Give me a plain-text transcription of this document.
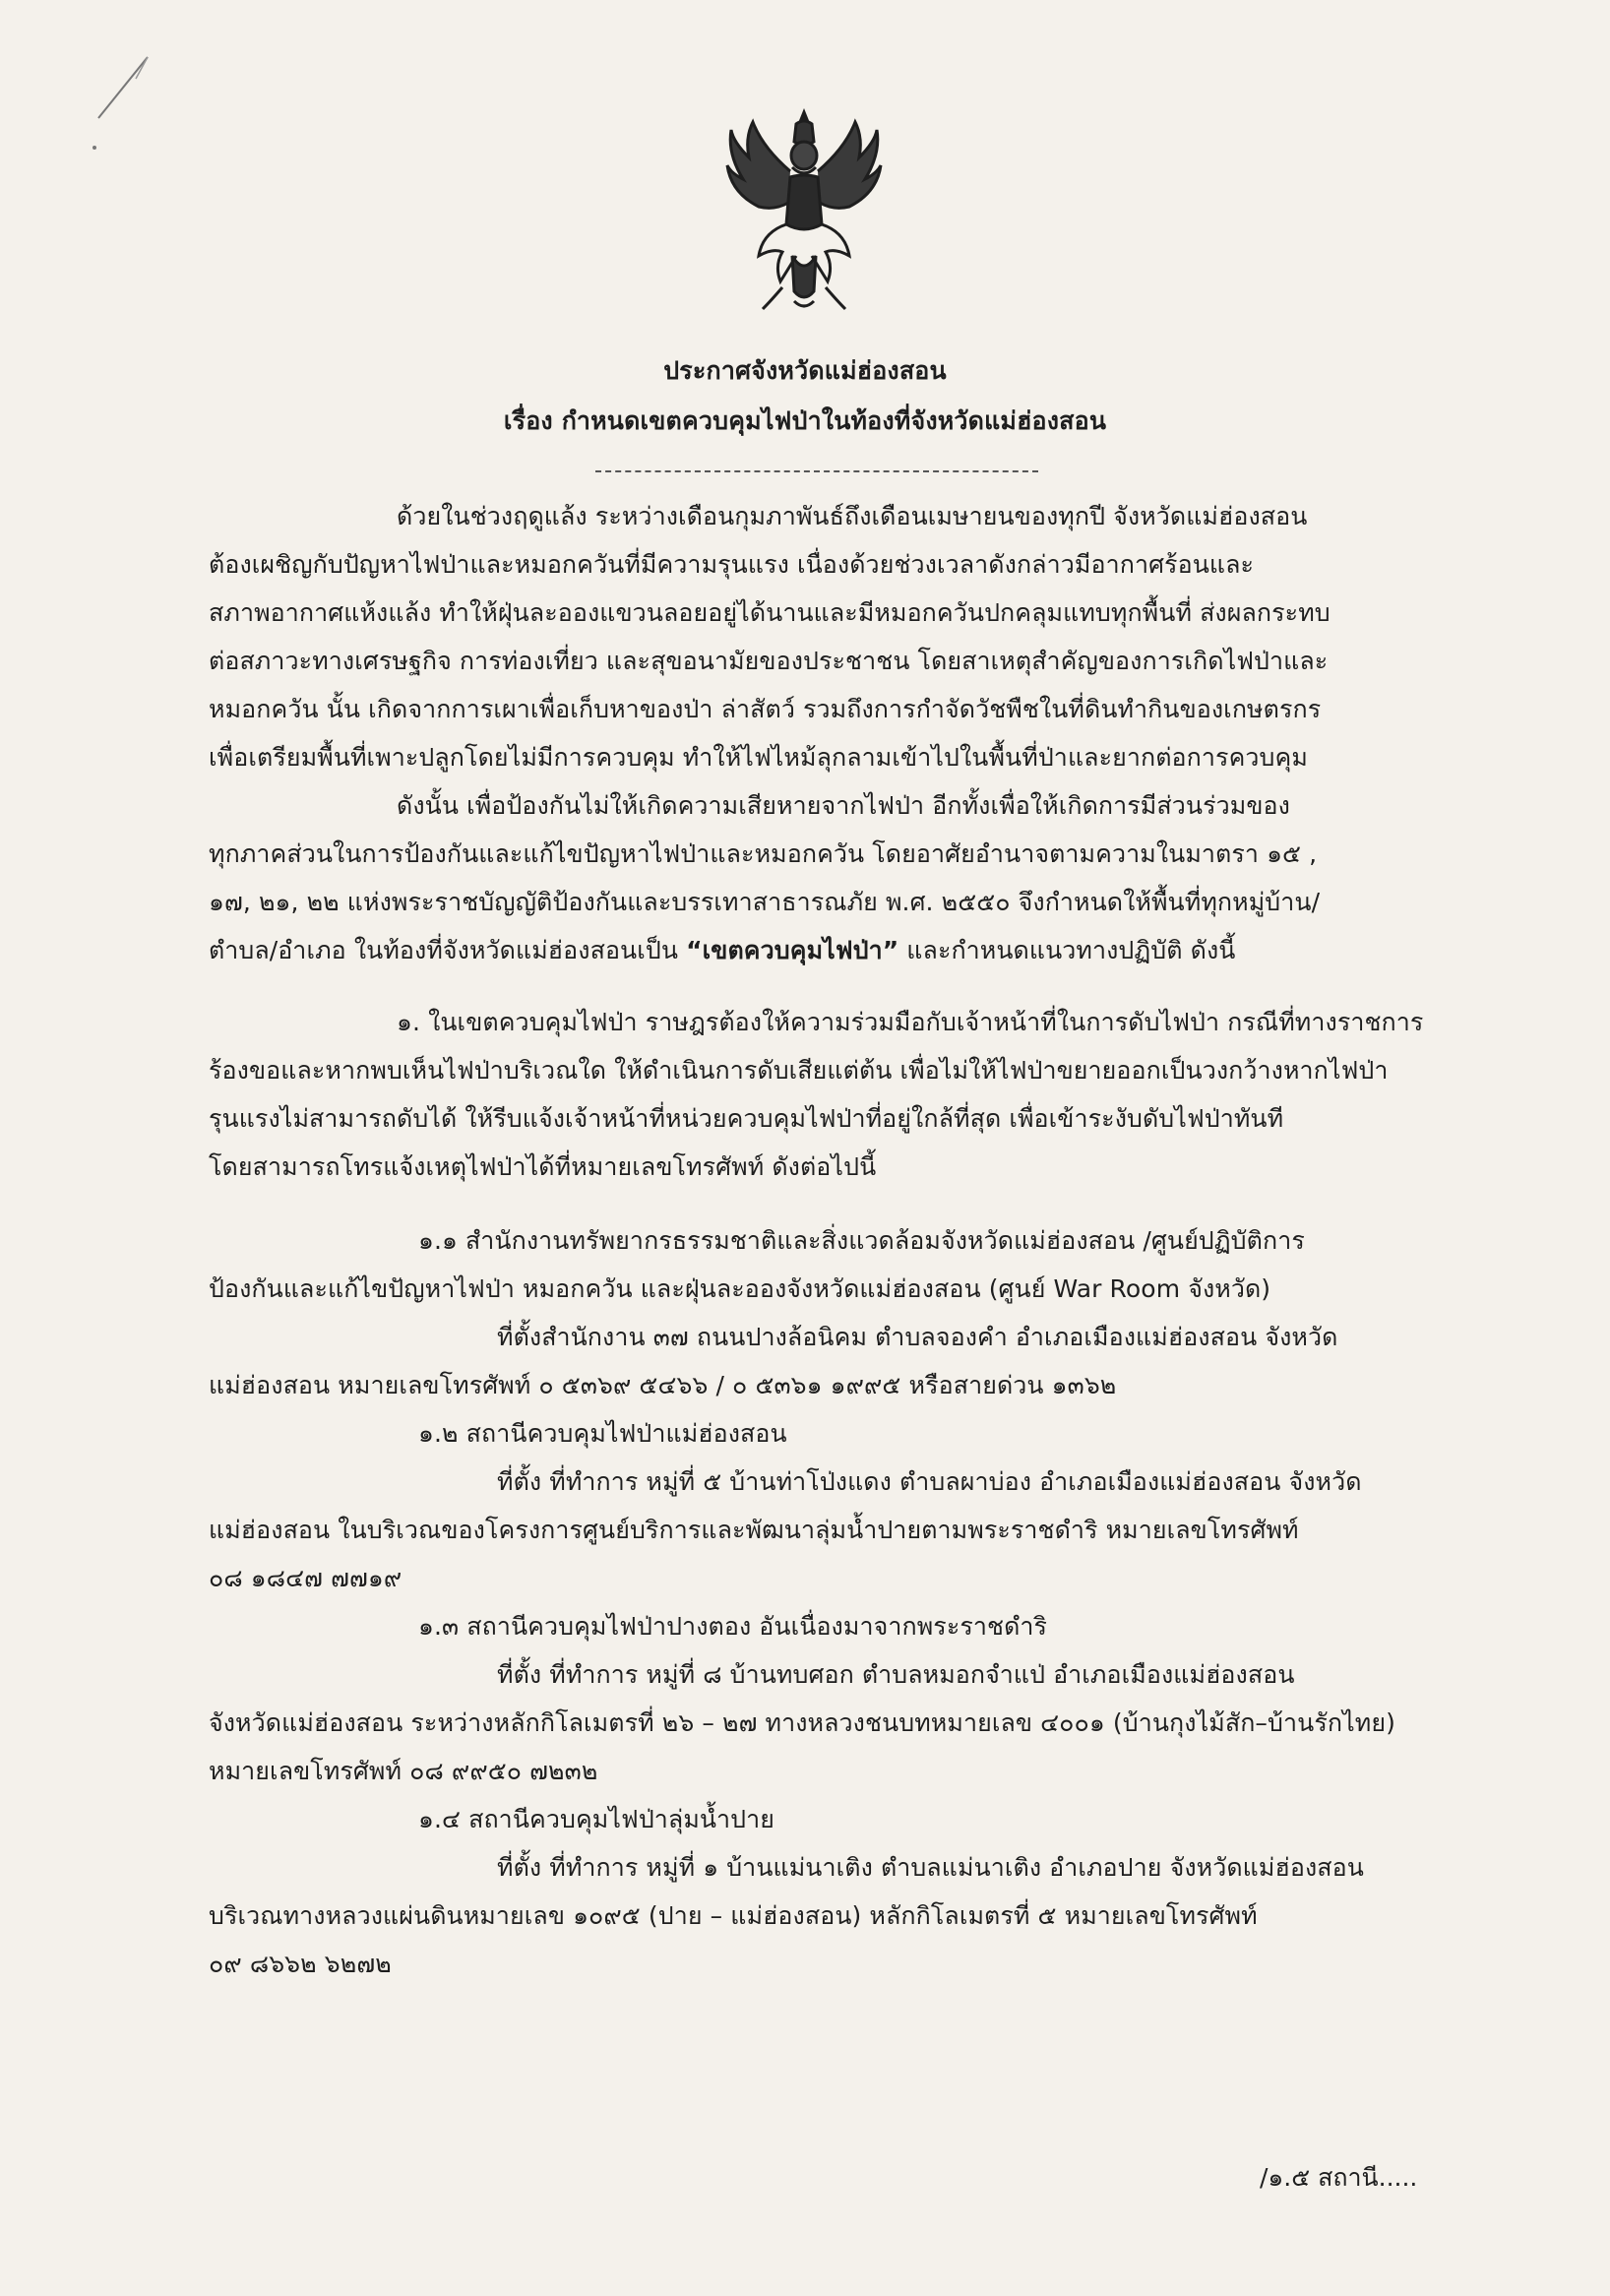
ประกาศจังหวัดแม่ฮ่องสอน
เรื่อง กำหนดเขตควบคุมไฟป่าในท้องที่จังหวัดแม่ฮ่องสอน
ด้วยในช่วงฤดูแล้ง ระหว่างเดือนกุมภาพันธ์ถึงเดือนเมษายนของทุกปี จังหวัดแม่ฮ่องสอน
ต้องเผชิญกับปัญหาไฟป่าและหมอกควันที่มีความรุนแรง เนื่องด้วยช่วงเวลาดังกล่าวมีอากาศร้อนและ
สภาพอากาศแห้งแล้ง ทำให้ฝุ่นละอองแขวนลอยอยู่ได้นานและมีหมอกควันปกคลุมแทบทุกพื้นที่ ส่งผลกระทบ
ต่อสภาวะทางเศรษฐกิจ การท่องเที่ยว และสุขอนามัยของประชาชน โดยสาเหตุสำคัญของการเกิดไฟป่าและ
หมอกควัน นั้น เกิดจากการเผาเพื่อเก็บหาของป่า ล่าสัตว์ รวมถึงการกำจัดวัชพืชในที่ดินทำกินของเกษตรกร
เพื่อเตรียมพื้นที่เพาะปลูกโดยไม่มีการควบคุม ทำให้ไฟไหม้ลุกลามเข้าไปในพื้นที่ป่าและยากต่อการควบคุม
ดังนั้น เพื่อป้องกันไม่ให้เกิดความเสียหายจากไฟป่า อีกทั้งเพื่อให้เกิดการมีส่วนร่วมของ
ทุกภาคส่วนในการป้องกันและแก้ไขปัญหาไฟป่าและหมอกควัน โดยอาศัยอำนาจตามความในมาตรา ๑๕ ,
๑๗, ๒๑, ๒๒ แห่งพระราชบัญญัติป้องกันและบรรเทาสาธารณภัย พ.ศ. ๒๕๕๐ จึงกำหนดให้พื้นที่ทุกหมู่บ้าน/
ตำบล/อำเภอ ในท้องที่จังหวัดแม่ฮ่องสอนเป็น “เขตควบคุมไฟป่า” และกำหนดแนวทางปฏิบัติ ดังนี้
๑. ในเขตควบคุมไฟป่า ราษฎรต้องให้ความร่วมมือกับเจ้าหน้าที่ในการดับไฟป่า กรณีที่ทางราชการ
ร้องขอและหากพบเห็นไฟป่าบริเวณใด ให้ดำเนินการดับเสียแต่ต้น เพื่อไม่ให้ไฟป่าขยายออกเป็นวงกว้างหากไฟป่า
รุนแรงไม่สามารถดับได้ ให้รีบแจ้งเจ้าหน้าที่หน่วยควบคุมไฟป่าที่อยู่ใกล้ที่สุด เพื่อเข้าระงับดับไฟป่าทันที
โดยสามารถโทรแจ้งเหตุไฟป่าได้ที่หมายเลขโทรศัพท์ ดังต่อไปนี้
๑.๑ สำนักงานทรัพยากรธรรมชาติและสิ่งแวดล้อมจังหวัดแม่ฮ่องสอน /ศูนย์ปฏิบัติการ
ป้องกันและแก้ไขปัญหาไฟป่า หมอกควัน และฝุ่นละอองจังหวัดแม่ฮ่องสอน (ศูนย์ War Room จังหวัด)
ที่ตั้งสำนักงาน ๓๗ ถนนปางล้อนิคม ตำบลจองคำ อำเภอเมืองแม่ฮ่องสอน จังหวัด
แม่ฮ่องสอน หมายเลขโทรศัพท์ ๐ ๕๓๖๙ ๕๔๖๖ / ๐ ๕๓๖๑ ๑๙๙๕ หรือสายด่วน ๑๓๖๒
๑.๒ สถานีควบคุมไฟป่าแม่ฮ่องสอน
ที่ตั้ง ที่ทำการ หมู่ที่ ๕ บ้านท่าโป่งแดง ตำบลผาบ่อง อำเภอเมืองแม่ฮ่องสอน จังหวัด
แม่ฮ่องสอน ในบริเวณของโครงการศูนย์บริการและพัฒนาลุ่มน้ำปายตามพระราชดำริ หมายเลขโทรศัพท์
๐๘ ๑๘๔๗ ๗๗๑๙
๑.๓ สถานีควบคุมไฟป่าปางตอง อันเนื่องมาจากพระราชดำริ
ที่ตั้ง ที่ทำการ หมู่ที่ ๘ บ้านทบศอก ตำบลหมอกจำแป่ อำเภอเมืองแม่ฮ่องสอน
จังหวัดแม่ฮ่องสอน ระหว่างหลักกิโลเมตรที่ ๒๖ – ๒๗ ทางหลวงชนบทหมายเลข ๔๐๐๑ (บ้านกุงไม้สัก–บ้านรักไทย)
หมายเลขโทรศัพท์ ๐๘ ๙๙๕๐ ๗๒๓๒
๑.๔ สถานีควบคุมไฟป่าลุ่มน้ำปาย
ที่ตั้ง ที่ทำการ หมู่ที่ ๑ บ้านแม่นาเติง ตำบลแม่นาเติง อำเภอปาย จังหวัดแม่ฮ่องสอน
บริเวณทางหลวงแผ่นดินหมายเลข ๑๐๙๕ (ปาย – แม่ฮ่องสอน) หลักกิโลเมตรที่ ๕ หมายเลขโทรศัพท์
๐๙ ๘๖๖๒ ๖๒๗๒
/๑.๕ สถานี.....
